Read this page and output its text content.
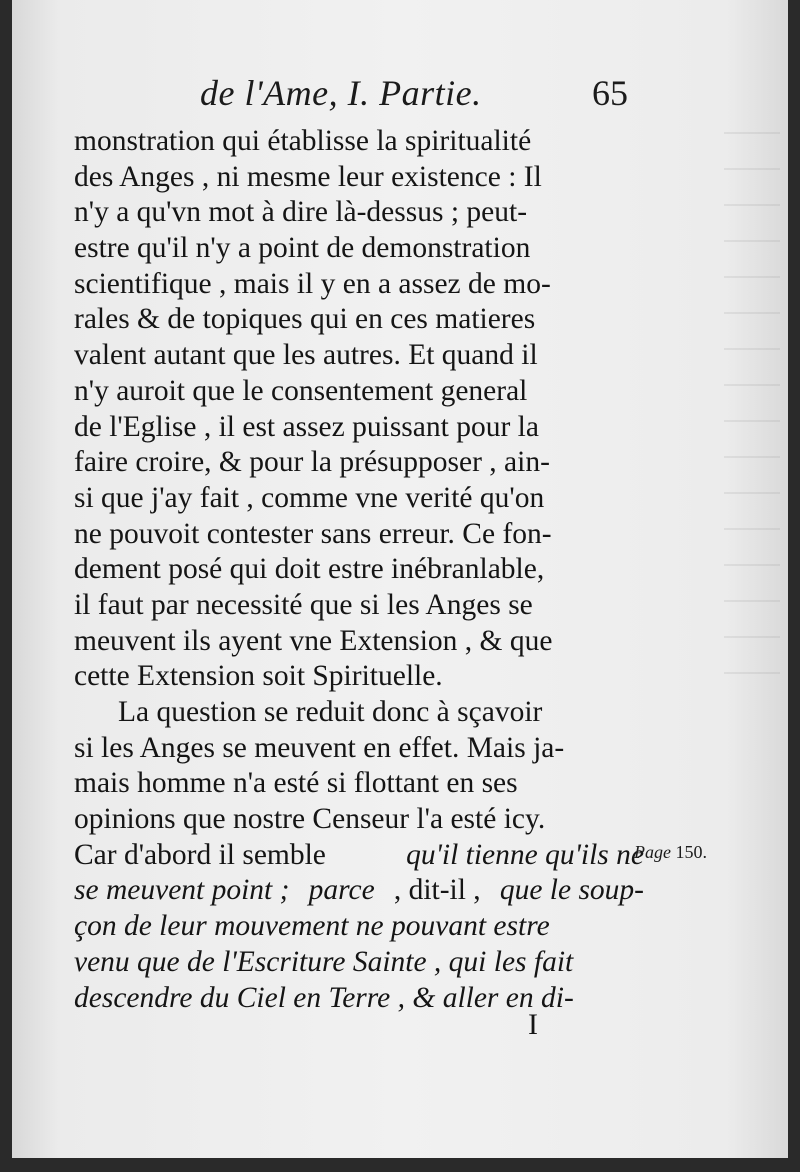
de l'Ame, I. Partie.	65
monstration qui établisse la spiritualité
des Anges , ni mesme leur existence : Il
n'y a qu'vn mot à dire là-dessus ; peut-
estre qu'il n'y a point de demonstration
scientifique , mais il y en a assez de mo-
rales & de topiques qui en ces matieres
valent autant que les autres. Et quand il
n'y auroit que le consentement general
de l'Eglise , il est assez puissant pour la
faire croire, & pour la présupposer , ain-
si que j'ay fait , comme vne verité qu'on
ne pouvoit contester sans erreur. Ce fon-
dement posé qui doit estre inébranlable,
il faut par necessité que si les Anges se
meuvent ils ayent vne Extension , & que
cette Extension soit Spirituelle.
La question se reduit donc à sçavoir
si les Anges se meuvent en effet. Mais ja-
mais homme n'a esté si flottant en ses
opinions que nostre Censeur l'a esté icy.
Car d'abord il semble	qu'il tienne qu'ils ne
se meuvent point ; parce , dit-il , que le soup-
çon de leur mouvement ne pouvant estre
venu que de l'Escriture Sainte , qui les fait
descendre du Ciel en Terre , & aller en di-
Page 150.
I
